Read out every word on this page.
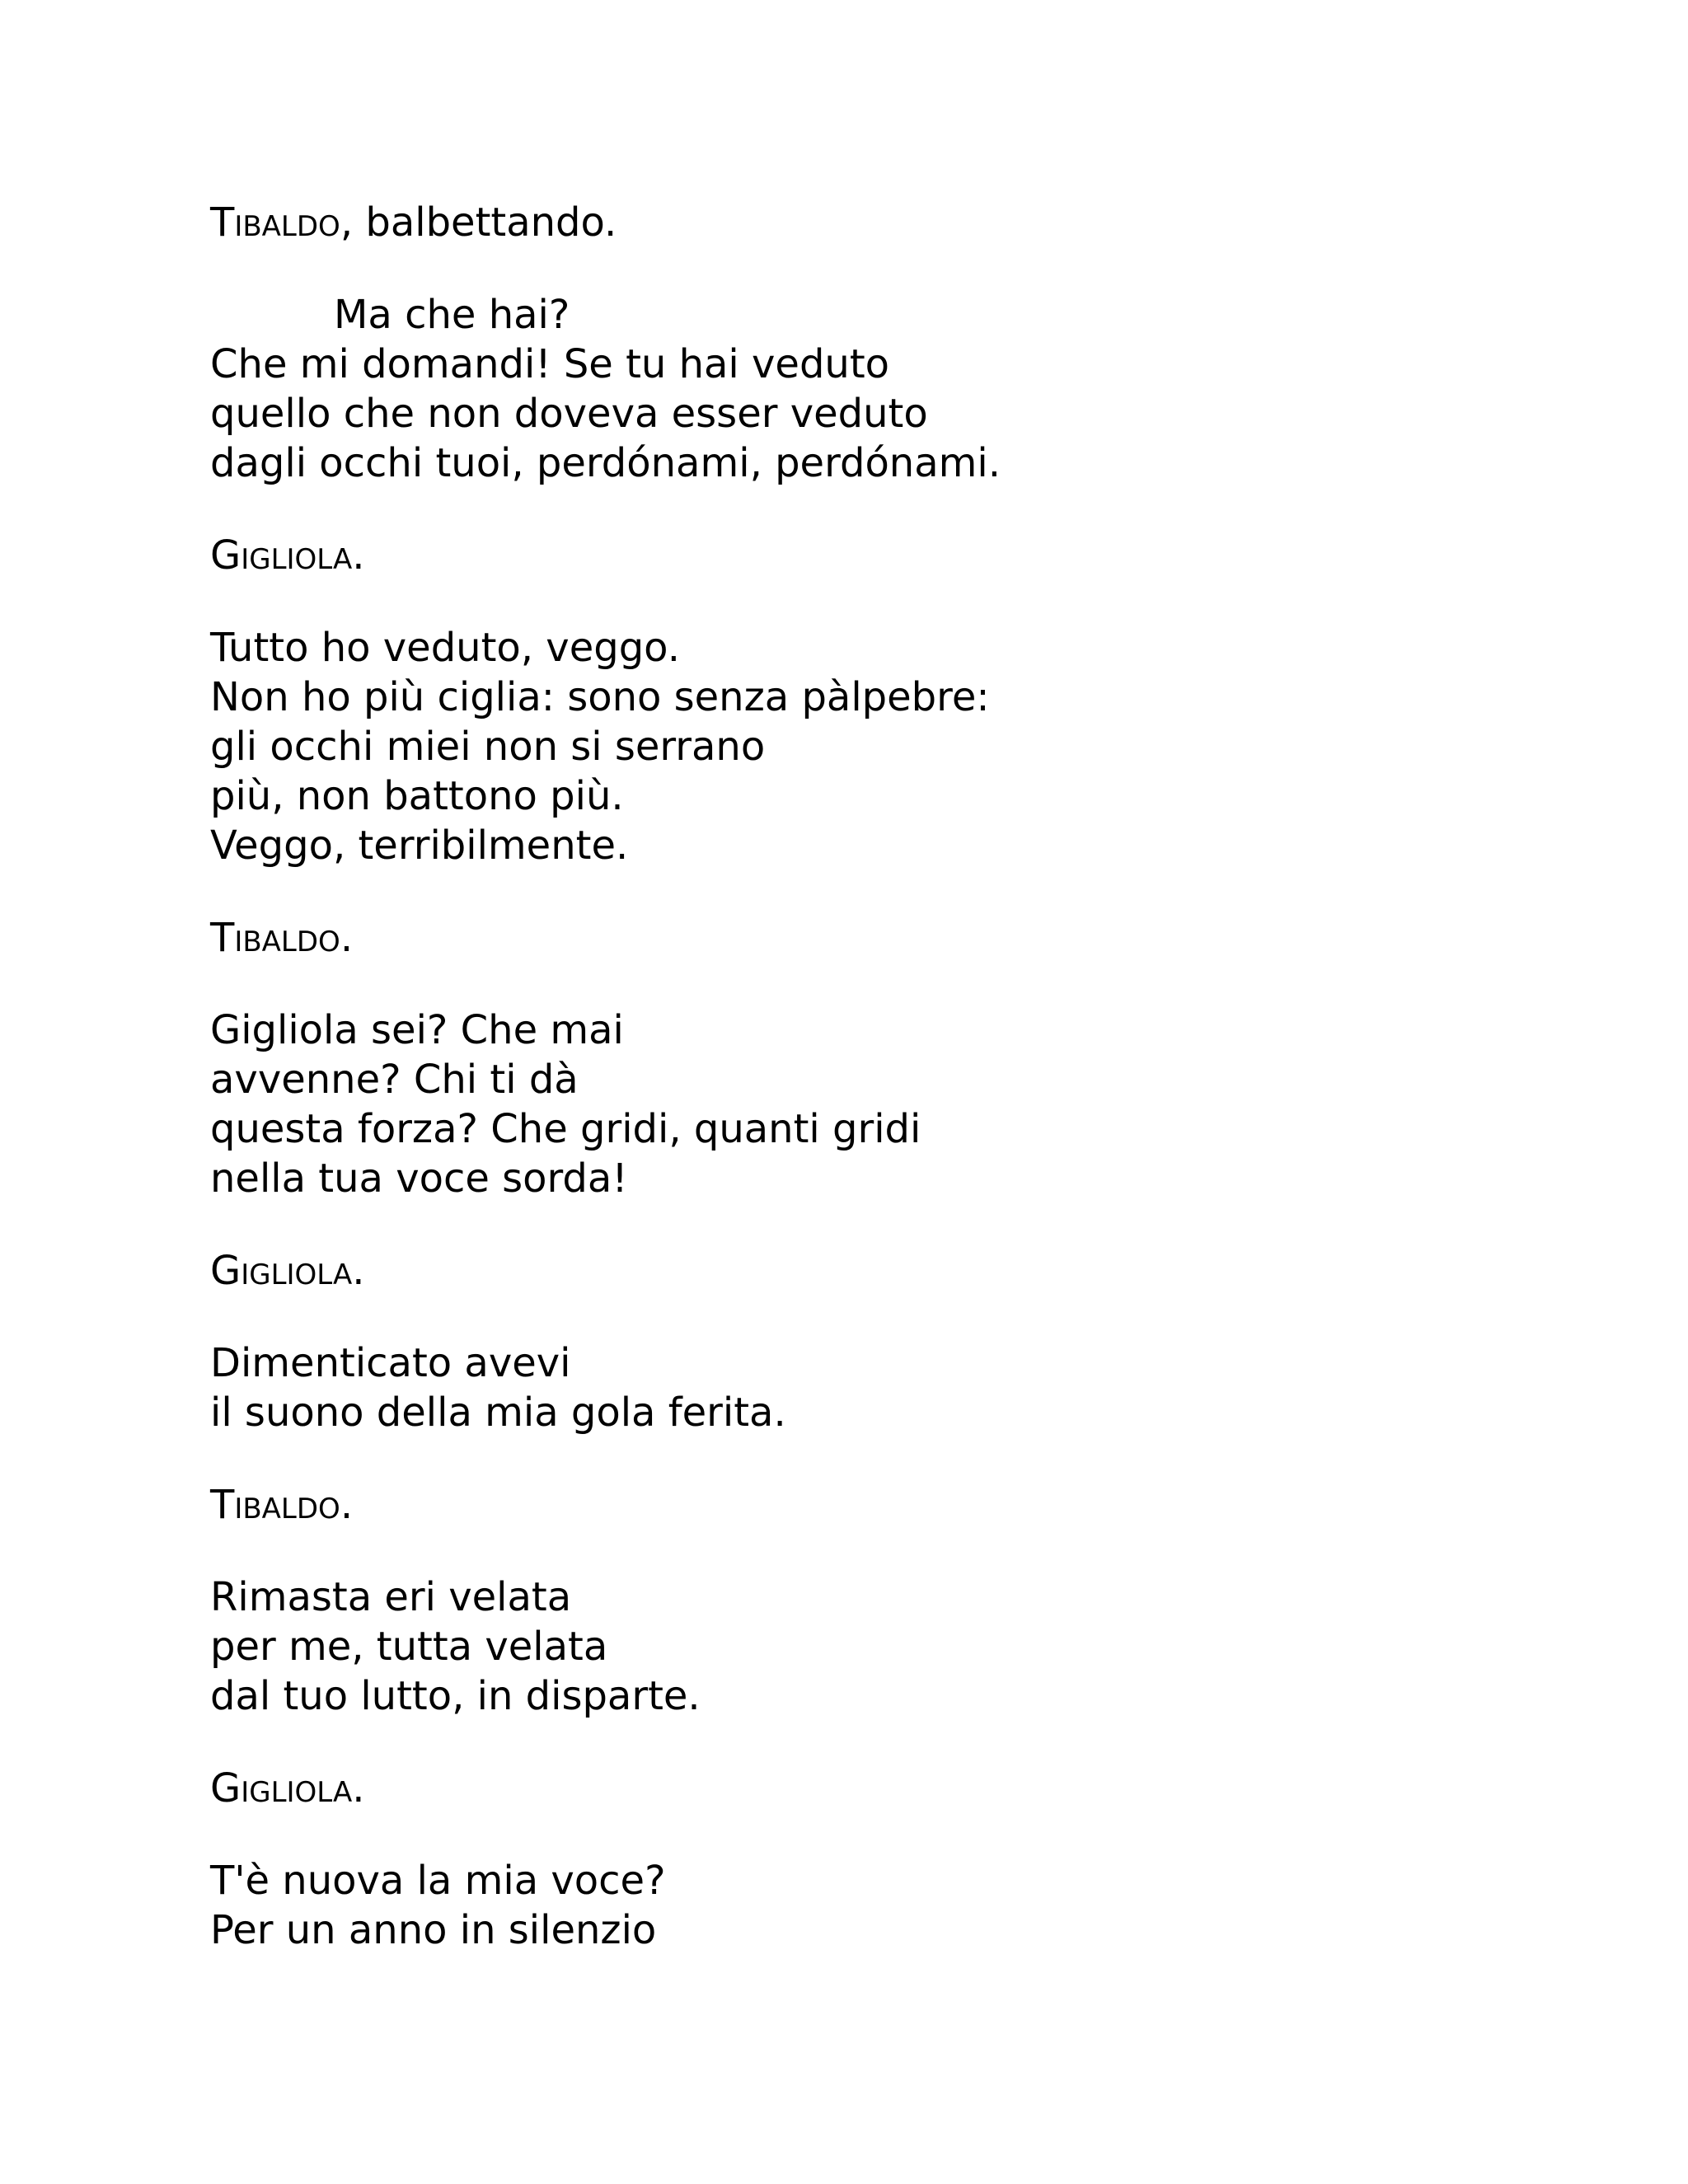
Tibaldo, balbettando.
Ma che hai?
Che mi domandi! Se tu hai veduto
quello che non doveva esser veduto
dagli occhi tuoi, perdónami, perdónami.
Gigliola.
Tutto ho veduto, veggo.
Non ho più ciglia: sono senza pàlpebre:
gli occhi miei non si serrano
più, non battono più.
Veggo, terribilmente.
Tibaldo.
Gigliola sei? Che mai
avvenne? Chi ti dà
questa forza? Che gridi, quanti gridi
nella tua voce sorda!
Gigliola.
Dimenticato avevi
il suono della mia gola ferita.
Tibaldo.
Rimasta eri velata
per me, tutta velata
dal tuo lutto, in disparte.
Gigliola.
T'è nuova la mia voce?
Per un anno in silenzio
